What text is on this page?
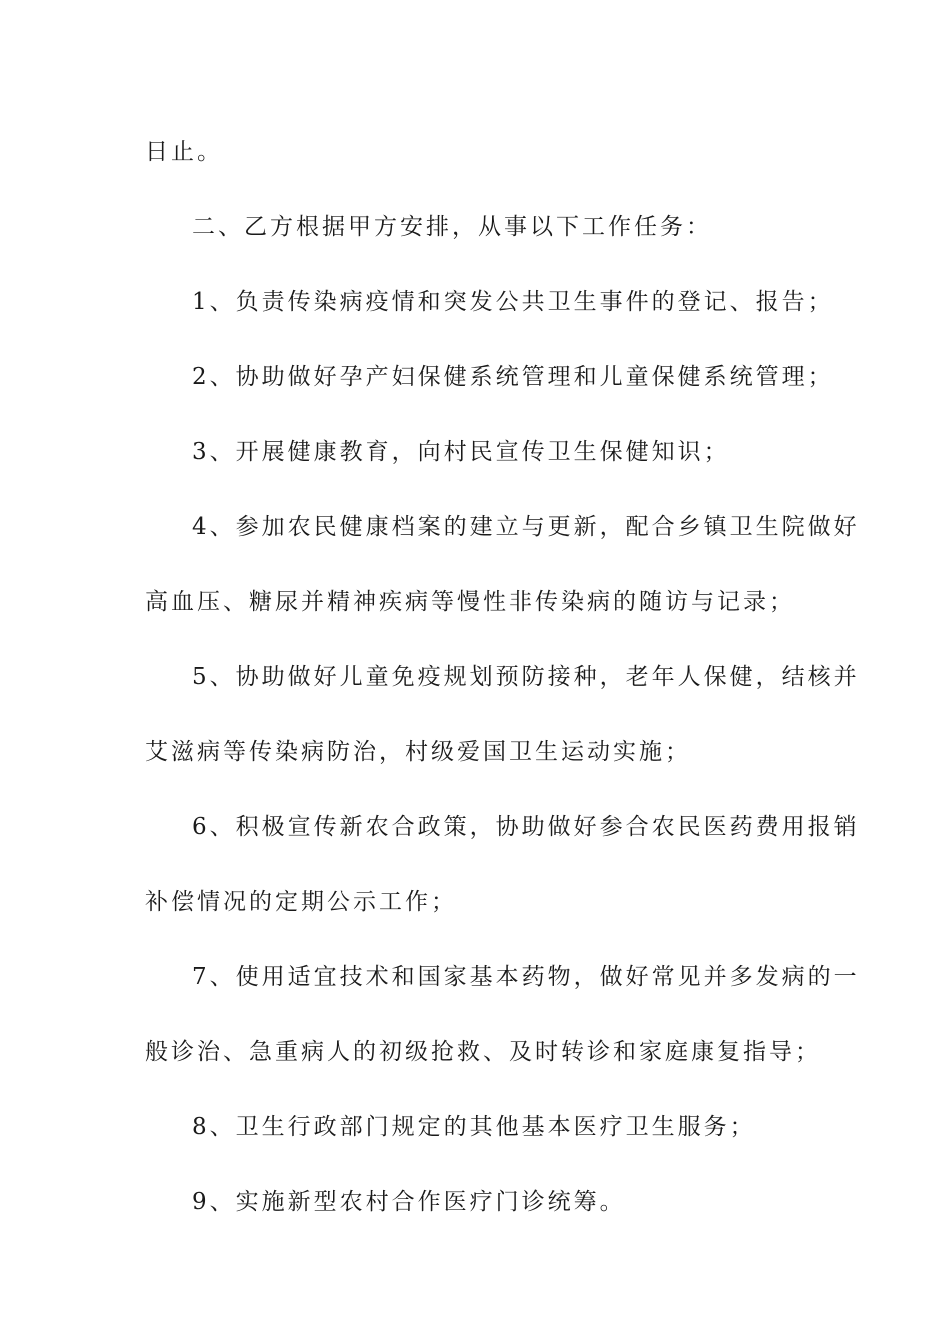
日止。
二、乙方根据甲方安排，从事以下工作任务：
1、负责传染病疫情和突发公共卫生事件的登记、报告；
2、协助做好孕产妇保健系统管理和儿童保健系统管理；
3、开展健康教育，向村民宣传卫生保健知识；
4、参加农民健康档案的建立与更新，配合乡镇卫生院做好
高血压、糖尿并精神疾病等慢性非传染病的随访与记录；
5、协助做好儿童免疫规划预防接种，老年人保健，结核并
艾滋病等传染病防治，村级爱国卫生运动实施；
6、积极宣传新农合政策，协助做好参合农民医药费用报销
补偿情况的定期公示工作；
7、使用适宜技术和国家基本药物，做好常见并多发病的一
般诊治、急重病人的初级抢救、及时转诊和家庭康复指导；
8、卫生行政部门规定的其他基本医疗卫生服务；
9、实施新型农村合作医疗门诊统筹。
